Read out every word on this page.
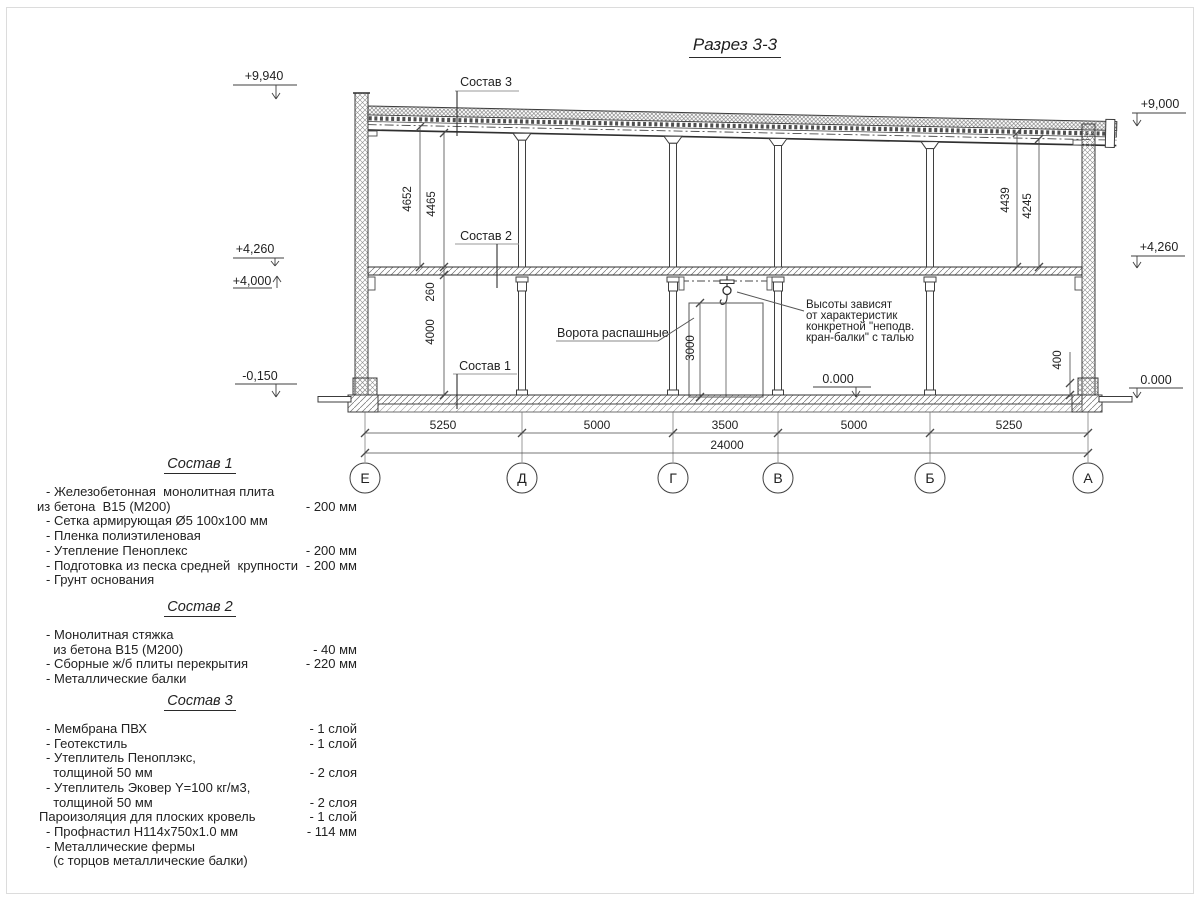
Разрез 3-3
+9,940
+4,260
+4,000
-0,150
+9,000
+4,260
0.000
0.000
Состав 3
Состав 2
Состав 1
Ворота распашные
Высоты зависят
от характеристик
конкретной "неподв.
кран-балки" с талью
4652 4465
260
4000
4439 4245
3000	400
5250	5000	3500	5000	5250
24000
Е	Д	Г	В	Б	А
Состав 1
- Железобетонная  монолитная плита
из бетона  В15 (М200)	- 200 мм
- Сетка армирующая Ø5 100х100 мм
- Пленка полиэтиленовая
- Утепление Пеноплекс	- 200 мм
- Подготовка из песка средней  крупности - 200 мм
- Грунт основания
Состав 2
- Монолитная стяжка
из бетона В15 (М200)	- 40 мм
- Сборные ж/б плиты перекрытия	- 220 мм
- Металлические балки
Состав 3
- Мембрана ПВХ	- 1 слой
- Геотекстиль	- 1 слой
- Утеплитель Пеноплэкс,
толщиной 50 мм	- 2 слоя
- Утеплитель Эковер Y=100 кг/м3,
толщиной 50 мм	- 2 слоя
Пароизоляция для плоских кровель	- 1 слой
- Профнастил Н114х750х1.0 мм	- 114 мм
- Металлические фермы
(с торцов металлические балки)
